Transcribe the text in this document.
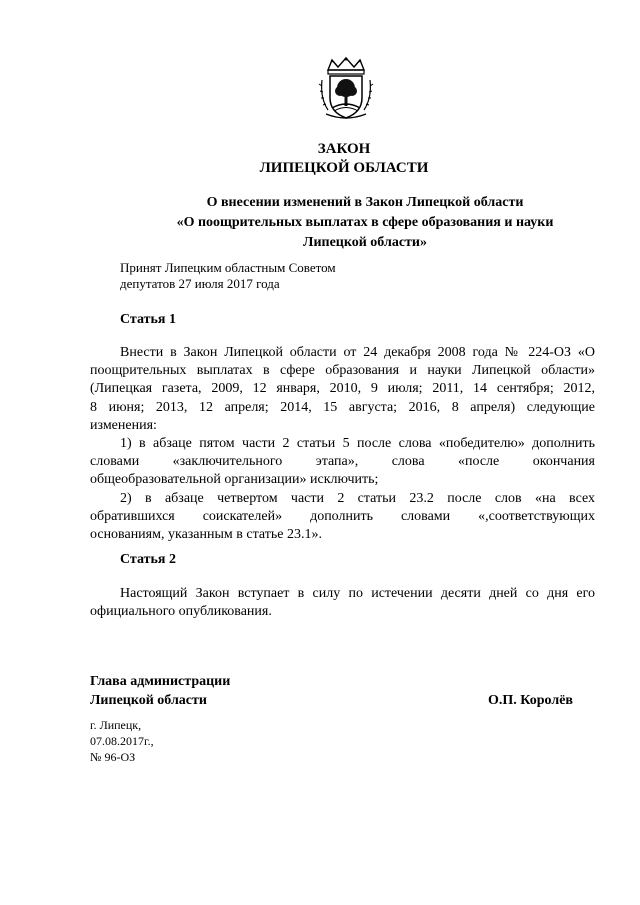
ЗАКОН
ЛИПЕЦКОЙ ОБЛАСТИ
О внесении изменений в Закон Липецкой области
«О поощрительных выплатах в сфере образования и науки
Липецкой области»
Принят Липецким областным Советом
депутатов 27 июля 2017 года
Статья 1
Внести в Закон Липецкой области от 24 декабря 2008 года № 224-ОЗ «О
поощрительных выплатах в сфере образования и науки Липецкой области»
(Липецкая газета, 2009, 12 января, 2010, 9 июля; 2011, 14 сентября; 2012,
8 июня; 2013, 12 апреля; 2014, 15 августа; 2016, 8 апреля) следующие
изменения:
1) в абзаце пятом части 2 статьи 5 после слова «победителю» дополнить
словами «заключительного этапа», слова «после окончания
общеобразовательной организации» исключить;
2) в абзаце четвертом части 2 статьи 23.2 после слов «на всех
обратившихся соискателей» дополнить словами «,соответствующих
основаниям, указанным в статье 23.1».
Статья 2
Настоящий Закон вступает в силу по истечении десяти дней со дня его
официального опубликования.
Глава администрации
Липецкой области	О.П. Королёв
г. Липецк,
07.08.2017г.,
№ 96-ОЗ
